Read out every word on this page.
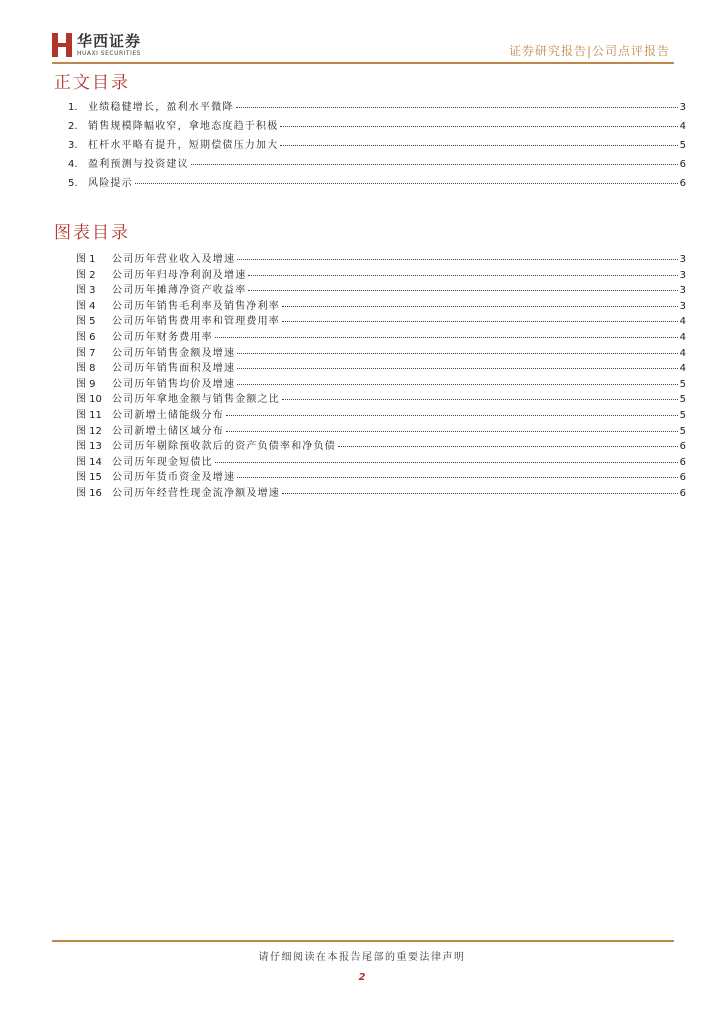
华西证券
HUAXI SECURITIES	证券研究报告|公司点评报告
正文目录
1.	业绩稳健增长，盈利水平微降	3
2.	销售规模降幅收窄，拿地态度趋于积极	4
3.	杠杆水平略有提升，短期偿债压力加大	5
4.	盈利预测与投资建议	6
5.	风险提示	6
图表目录
图 1	公司历年营业收入及增速	3
图 2	公司历年归母净利润及增速	3
图 3	公司历年摊薄净资产收益率	3
图 4	公司历年销售毛利率及销售净利率	3
图 5	公司历年销售费用率和管理费用率	4
图 6	公司历年财务费用率	4
图 7	公司历年销售金额及增速	4
图 8	公司历年销售面积及增速	4
图 9	公司历年销售均价及增速	5
图 10	公司历年拿地金额与销售金额之比	5
图 11	公司新增土储能级分布	5
图 12	公司新增土储区域分布	5
图 13	公司历年剔除预收款后的资产负债率和净负债	6
图 14	公司历年现金短债比	6
图 15	公司历年货币资金及增速	6
图 16	公司历年经营性现金流净额及增速	6
请仔细阅读在本报告尾部的重要法律声明
2
